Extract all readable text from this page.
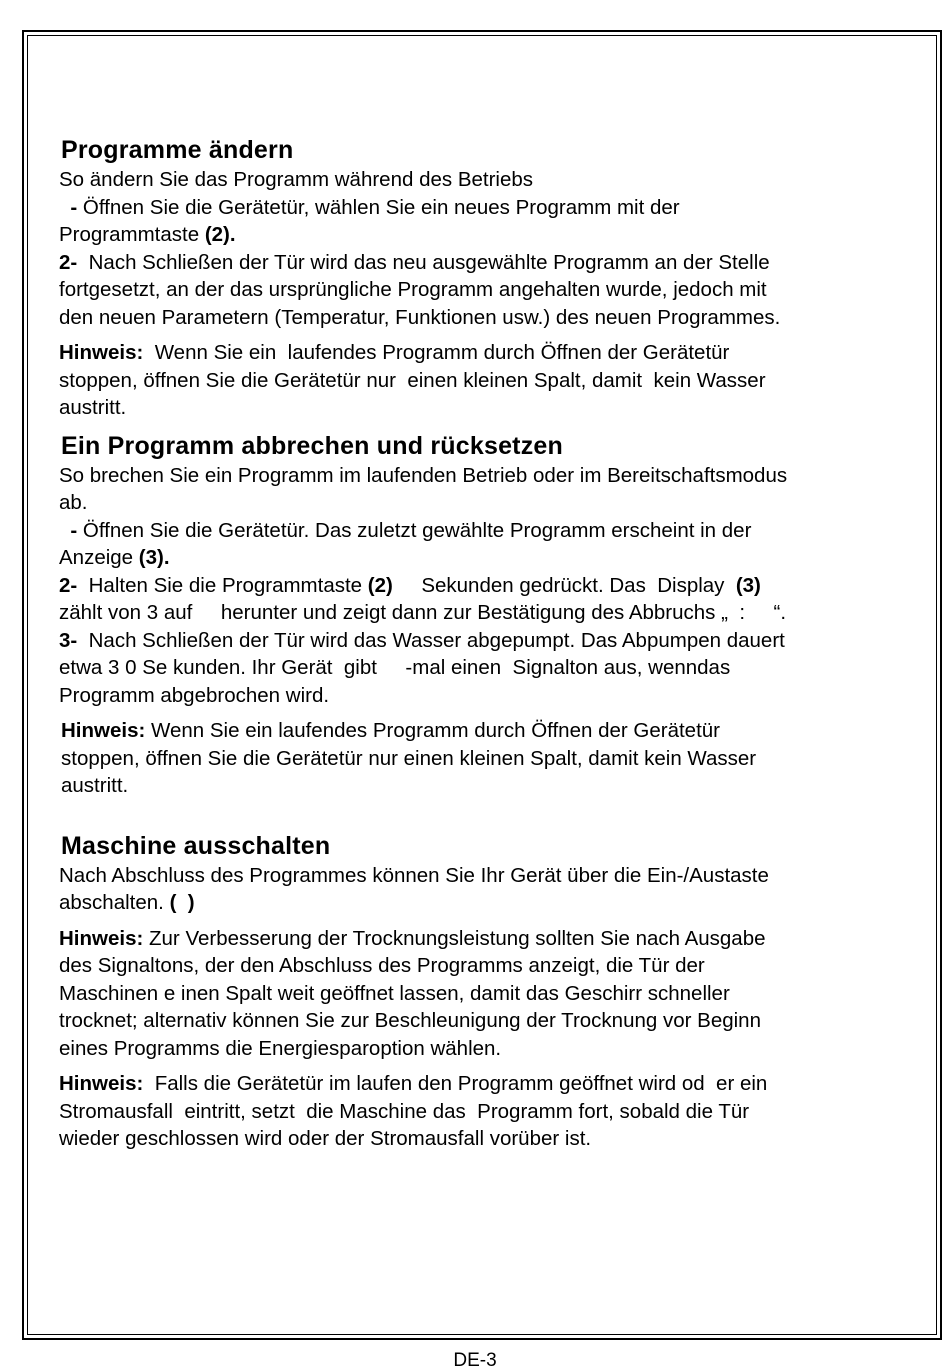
Programme ändern

So ändern Sie das Programm während des Betriebs

- Öffnen Sie die Gerätetür, wählen Sie ein neues Programm mit der

Programmtaste (2).

2-  Nach Schließen der Tür wird das neu ausgewählte Programm an der Stelle

fortgesetzt, an der das ursprüngliche Programm angehalten wurde, jedoch mit

den neuen Parametern (Temperatur, Funktionen usw.) des neuen Programmes.

Hinweis:  Wenn Sie ein  laufendes Programm durch Öffnen der Gerätetür

stoppen, öffnen Sie die Gerätetür nur  einen kleinen Spalt, damit  kein Wasser

austritt.

Ein Programm abbrechen und rücksetzen

So brechen Sie ein Programm im laufenden Betrieb oder im Bereitschaftsmodus

ab.

- Öffnen Sie die Gerätetür. Das zuletzt gewählte Programm erscheint in der

Anzeige (3).

2-  Halten Sie die Programmtaste (2)     Sekunden gedrückt. Das  Display  (3)

zählt von 3 auf     herunter und zeigt dann zur Bestätigung des Abbruchs „  :     “.

3-  Nach Schließen der Tür wird das Wasser abgepumpt. Das Abpumpen dauert

etwa 3 0 Se kunden. Ihr Gerät  gibt     -mal einen  Signalton aus, wenndas

Programm abgebrochen wird.

Hinweis: Wenn Sie ein laufendes Programm durch Öffnen der Gerätetür

stoppen, öffnen Sie die Gerätetür nur einen kleinen Spalt, damit kein Wasser

austritt.

Maschine ausschalten

Nach Abschluss des Programmes können Sie Ihr Gerät über die Ein-/Austaste

abschalten. (  )

Hinweis: Zur Verbesserung der Trocknungsleistung sollten Sie nach Ausgabe

des Signaltons, der den Abschluss des Programms anzeigt, die Tür der

Maschinen e inen Spalt weit geöffnet lassen, damit das Geschirr schneller

trocknet; alternativ können Sie zur Beschleunigung der Trocknung vor Beginn

eines Programms die Energiesparoption wählen.

Hinweis:  Falls die Gerätetür im laufen den Programm geöffnet wird od  er ein

Stromausfall  eintritt, setzt  die Maschine das  Programm fort, sobald die Tür

wieder geschlossen wird oder der Stromausfall vorüber ist.

DE-3
